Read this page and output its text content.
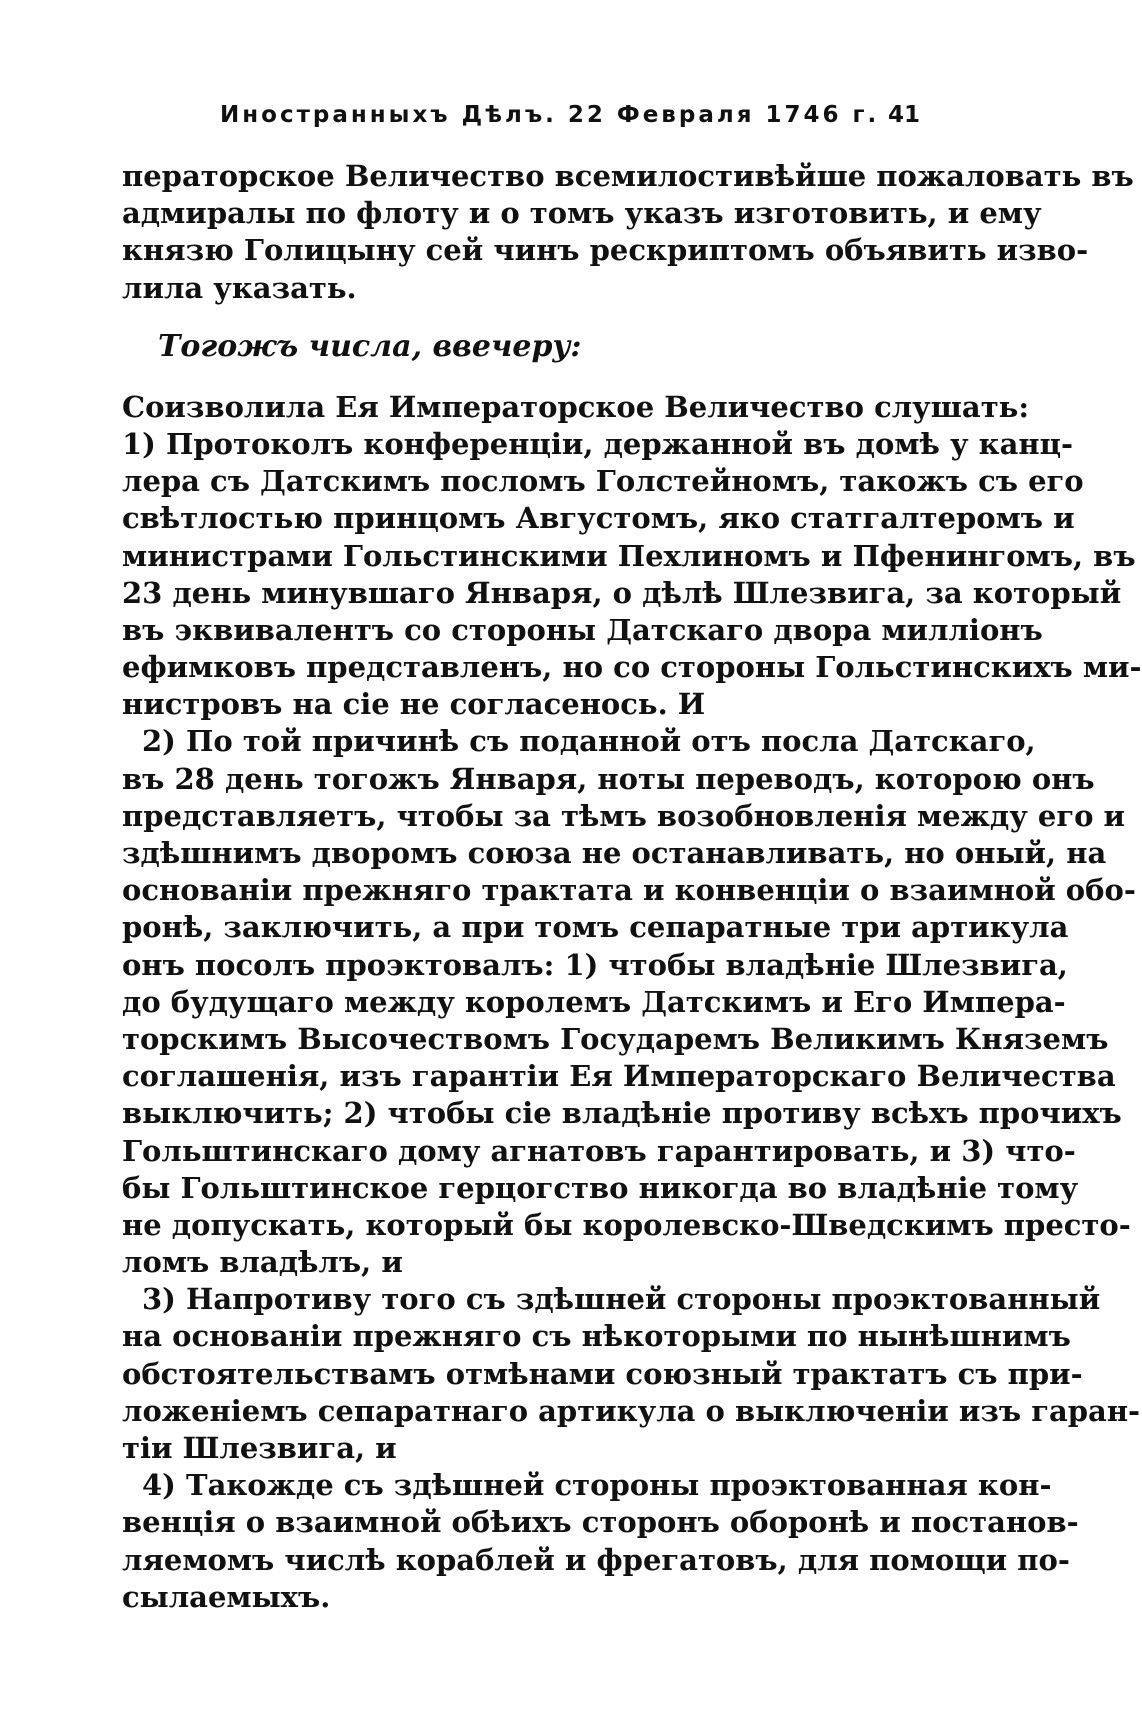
Иностранныхъ Дѣлъ. 22 Февраля 1746 г. 41
ператорское Величество всемилостивѣйше пожаловать въ
адмиралы по флоту и о томъ указъ изготовить, и ему
князю Голицыну сей чинъ рескриптомъ объявить изво-
лила указать.
Тогожъ числа, ввечеру:
Соизволила Ея Императорское Величество слушать:
1) Протоколъ конференціи, держанной въ домѣ у канц-
лера съ Датскимъ посломъ Голстейномъ, такожъ съ его
свѣтлостью принцомъ Августомъ, яко статгалтеромъ и
министрами Гольстинскими Пехлиномъ и Пфенингомъ, въ
23 день минувшаго Января, о дѣлѣ Шлезвига, за который
въ эквивалентъ со стороны Датскаго двора милліонъ
ефимковъ представленъ, но со стороны Гольстинскихъ ми-
нистровъ на сіе не согласенось. И
2) По той причинѣ съ поданной отъ посла Датскаго,
въ 28 день тогожъ Января, ноты переводъ, которою онъ
представляетъ, чтобы за тѣмъ возобновленія между его и
здѣшнимъ дворомъ союза не останавливать, но оный, на
основаніи прежняго трактата и конвенціи о взаимной обо-
ронѣ, заключить, а при томъ сепаратные три артикула
онъ посолъ проэктовалъ: 1) чтобы владѣніе Шлезвига,
до будущаго между королемъ Датскимъ и Его Импера-
торскимъ Высочествомъ Государемъ Великимъ Княземъ
соглашенія, изъ гарантіи Ея Императорскаго Величества
выключить; 2) чтобы сіе владѣніе противу всѣхъ прочихъ
Гольштинскаго дому агнатовъ гарантировать, и 3) что-
бы Гольштинское герцогство никогда во владѣніе тому
не допускать, который бы королевско-Шведскимъ престо-
ломъ владѣлъ, и
3) Напротиву того съ здѣшней стороны проэктованный
на основаніи прежняго съ нѣкоторыми по нынѣшнимъ
обстоятельствамъ отмѣнами союзный трактатъ съ при-
ложеніемъ сепаратнаго артикула о выключеніи изъ гаран-
тіи Шлезвига, и
4) Такожде съ здѣшней стороны проэктованная кон-
венція о взаимной обѣихъ сторонъ оборонѣ и постанов-
ляемомъ числѣ кораблей и фрегатовъ, для помощи по-
сылаемыхъ.
